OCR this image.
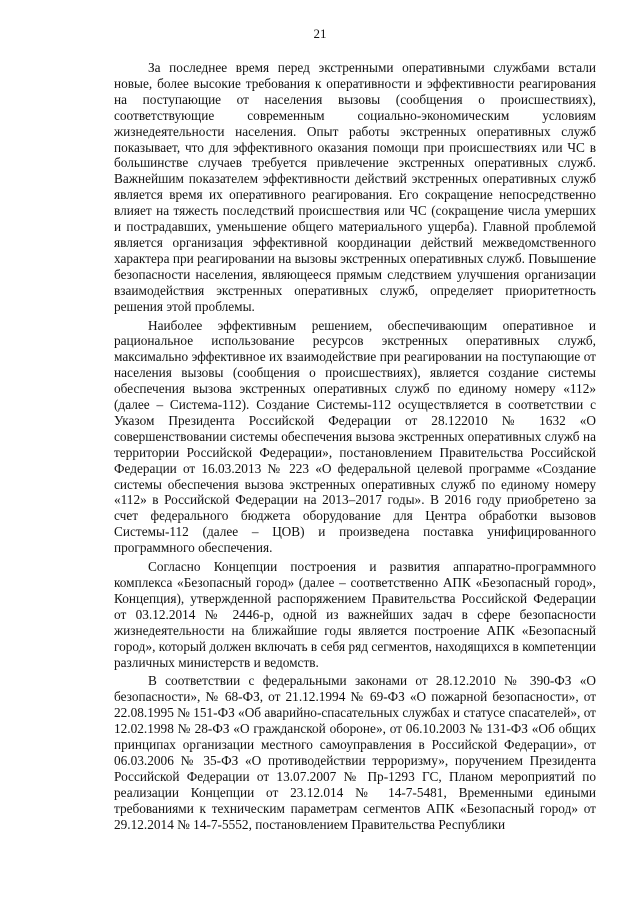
21

За последнее время перед экстренными оперативными службами встали новые, более высокие требования к оперативности и эффективности реагирования на поступающие от населения вызовы (сообщения о происшествиях), соответствующие современным социально-экономическим условиям жизнедеятельности населения. Опыт работы экстренных оперативных служб показывает, что для эффективного оказания помощи при происшествиях или ЧС в большинстве случаев требуется привлечение экстренных оперативных служб. Важнейшим показателем эффективности действий экстренных оперативных служб является время их оперативного реагирования. Его сокращение непосредственно влияет на тяжесть последствий происшествия или ЧС (сокращение числа умерших и пострадавших, уменьшение общего материального ущерба). Главной проблемой является организация эффективной координации действий межведомственного характера при реагировании на вызовы экстренных оперативных служб. Повышение безопасности населения, являющееся прямым следствием улучшения организации взаимодействия экстренных оперативных служб, определяет приоритетность решения этой проблемы.

Наиболее эффективным решением, обеспечивающим оперативное и рациональное использование ресурсов экстренных оперативных служб, максимально эффективное их взаимодействие при реагировании на поступающие от населения вызовы (сообщения о происшествиях), является создание системы обеспечения вызова экстренных оперативных служб по единому номеру «112» (далее – Система-112). Создание Системы-112 осуществляется в соответствии с Указом Президента Российской Федерации от 28.122010 № 1632 «О совершенствовании системы обеспечения вызова экстренных оперативных служб на территории Российской Федерации», постановлением Правительства Российской Федерации от 16.03.2013 № 223 «О федеральной целевой программе «Создание системы обеспечения вызова экстренных оперативных служб по единому номеру «112» в Российской Федерации на 2013–2017 годы». В 2016 году приобретено за счет федерального бюджета оборудование для Центра обработки вызовов Системы-112 (далее – ЦОВ) и произведена поставка унифицированного программного обеспечения.

Согласно Концепции построения и развития аппаратно-программного комплекса «Безопасный город» (далее – соответственно АПК «Безопасный город», Концепция), утвержденной распоряжением Правительства Российской Федерации от 03.12.2014 № 2446-р, одной из важнейших задач в сфере безопасности жизнедеятельности на ближайшие годы является построение АПК «Безопасный город», который должен включать в себя ряд сегментов, находящихся в компетенции различных министерств и ведомств.

В соответствии с федеральными законами от 28.12.2010 № 390-ФЗ «О безопасности», № 68-ФЗ, от 21.12.1994 № 69-ФЗ «О пожарной безопасности», от 22.08.1995 № 151-ФЗ «Об аварийно-спасательных службах и статусе спасателей», от 12.02.1998 № 28-ФЗ «О гражданской обороне», от 06.10.2003 № 131-ФЗ «Об общих принципах организации местного самоуправления в Российской Федерации», от 06.03.2006 № 35-ФЗ «О противодействии терроризму», поручением Президента Российской Федерации от 13.07.2007 № Пр-1293 ГС, Планом мероприятий по реализации Концепции от 23.12.014 № 14-7-5481, Временными едиными требованиями к техническим параметрам сегментов АПК «Безопасный город» от 29.12.2014 № 14-7-5552, постановлением Правительства Республики
